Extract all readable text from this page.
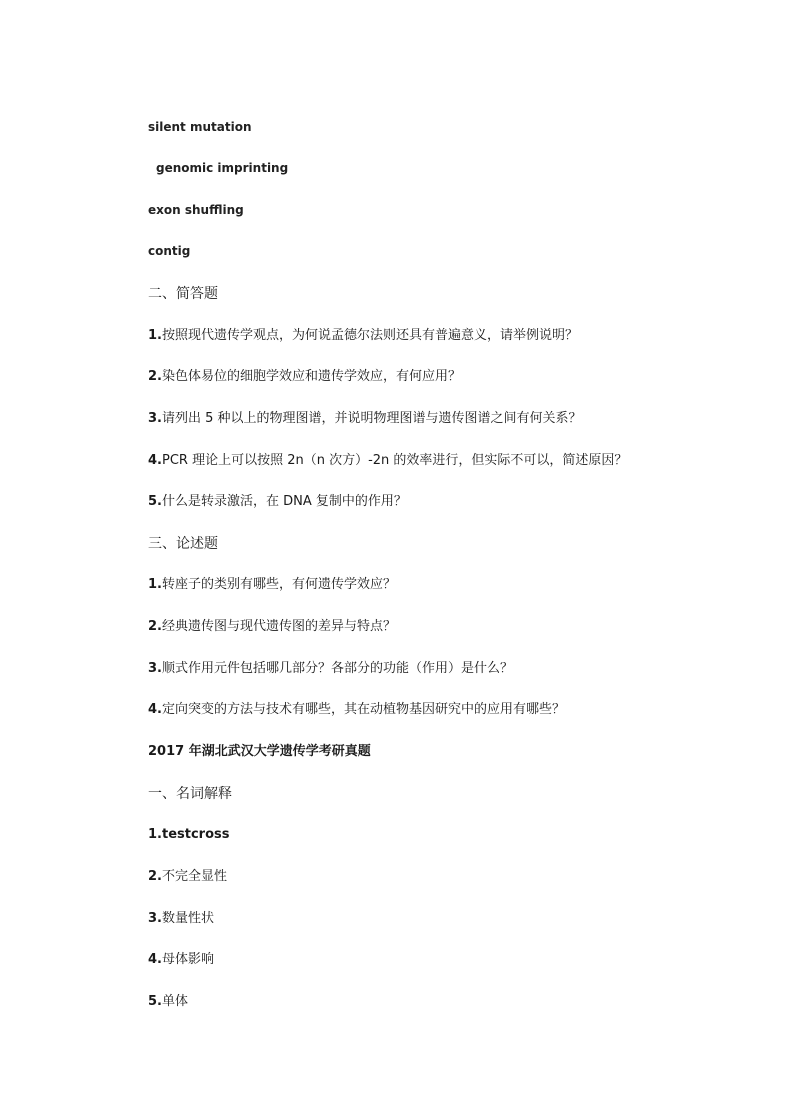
silent mutation
genomic imprinting
exon shuffling
contig
二、简答题
1.按照现代遗传学观点，为何说孟德尔法则还具有普遍意义，请举例说明？
2.染色体易位的细胞学效应和遗传学效应，有何应用？
3.请列出 5 种以上的物理图谱，并说明物理图谱与遗传图谱之间有何关系？
4.PCR 理论上可以按照 2n（n 次方）-2n 的效率进行，但实际不可以，简述原因？
5.什么是转录激活，在 DNA 复制中的作用？
三、论述题
1.转座子的类别有哪些，有何遗传学效应？
2.经典遗传图与现代遗传图的差异与特点？
3.顺式作用元件包括哪几部分？各部分的功能（作用）是什么？
4.定向突变的方法与技术有哪些，其在动植物基因研究中的应用有哪些？
2017 年湖北武汉大学遗传学考研真题
一、名词解释
1.testcross
2.不完全显性
3.数量性状
4.母体影响
5.单体
